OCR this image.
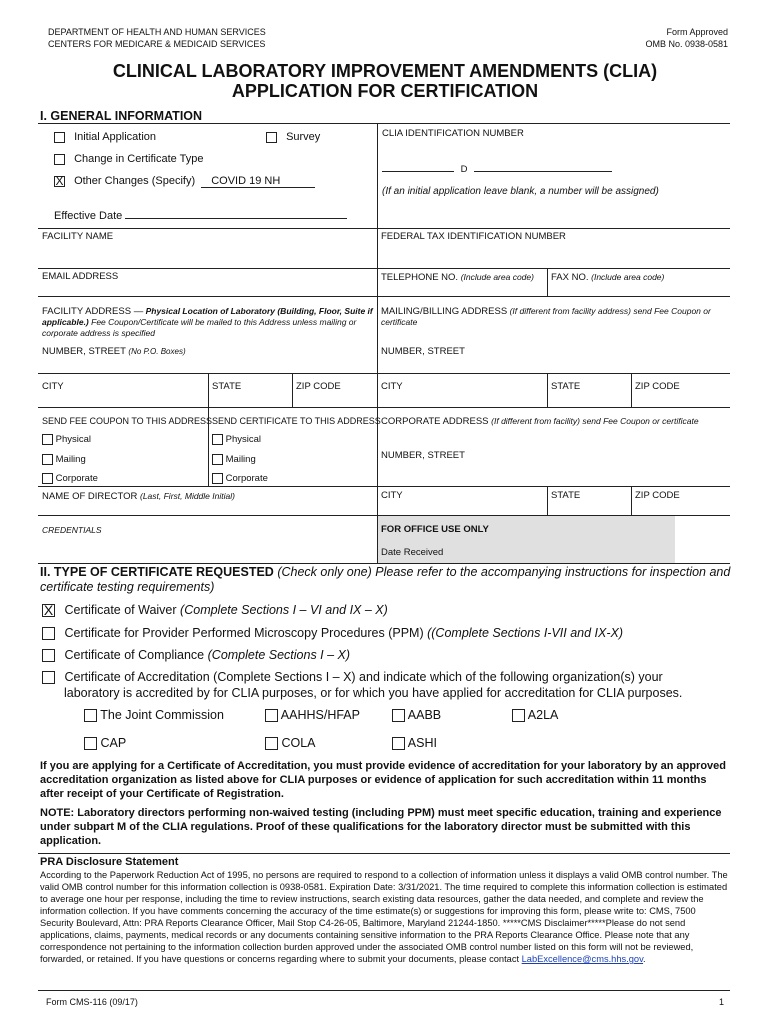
DEPARTMENT OF HEALTH AND HUMAN SERVICES
CENTERS FOR MEDICARE & MEDICAID SERVICES
Form Approved
OMB No. 0938-0581
CLINICAL LABORATORY IMPROVEMENT AMENDMENTS (CLIA)
APPLICATION FOR CERTIFICATION
I. GENERAL INFORMATION
Initial Application	Survey
Change in Certificate Type
X Other Changes (Specify) COVID 19 NH
Effective Date
CLIA IDENTIFICATION NUMBER
D
(If an initial application leave blank, a number will be assigned)
FACILITY NAME	FEDERAL TAX IDENTIFICATION NUMBER
EMAIL ADDRESS	TELEPHONE NO. (Include area code) FAX NO. (Include area code)
FACILITY ADDRESS — Physical Location of Laboratory (Building, Floor, Suite if applicable.) Fee Coupon/Certificate will be mailed to this Address unless mailing or corporate address is specified
NUMBER, STREET (No P.O. Boxes)
MAILING/BILLING ADDRESS (If different from facility address) send Fee Coupon or certificate
NUMBER, STREET
CITY	STATE	ZIP CODE	CITY	STATE	ZIP CODE
SEND FEE COUPON TO THIS ADDRESS SEND CERTIFICATE TO THIS ADDRESS CORPORATE ADDRESS (If different from facility) send Fee Coupon or certificate
NUMBER, STREET
Physical
Mailing
Corporate
Physical
Mailing
Corporate
NAME OF DIRECTOR (Last, First, Middle Initial)	CITY	STATE	ZIP CODE
CREDENTIALS	FOR OFFICE USE ONLY
Date Received
II. TYPE OF CERTIFICATE REQUESTED (Check only one) Please refer to the accompanying instructions for inspection and certificate testing requirements)
X Certificate of Waiver (Complete Sections I – VI and IX – X)
Certificate for Provider Performed Microscopy Procedures (PPM) ((Complete Sections I-VII and IX-X)
Certificate of Compliance (Complete Sections I – X)
Certificate of Accreditation (Complete Sections I – X) and indicate which of the following organization(s) your
laboratory is accredited by for CLIA purposes, or for which you have applied for accreditation for CLIA purposes.
The Joint Commission	AAHHS/HFAP	AABB	A2LA
CAP	COLA	ASHI
If you are applying for a Certificate of Accreditation, you must provide evidence of accreditation for your laboratory by an approved accreditation organization as listed above for CLIA purposes or evidence of application for such accreditation within 11 months after receipt of your Certificate of Registration.
NOTE: Laboratory directors performing non-waived testing (including PPM) must meet specific education, training and experience under subpart M of the CLIA regulations. Proof of these qualifications for the laboratory director must be submitted with this application.
PRA Disclosure Statement
According to the Paperwork Reduction Act of 1995, no persons are required to respond to a collection of information unless it displays a valid OMB control number. The valid OMB control number for this information collection is 0938-0581. Expiration Date: 3/31/2021. The time required to complete this information collection is estimated to average one hour per response, including the time to review instructions, search existing data resources, gather the data needed, and complete and review the information collection. If you have comments concerning the accuracy of the time estimate(s) or suggestions for improving this form, please write to: CMS, 7500 Security Boulevard, Attn: PRA Reports Clearance Officer, Mail Stop C4-26-05, Baltimore, Maryland 21244-1850. *****CMS Disclaimer*****Please do not send applications, claims, payments, medical records or any documents containing sensitive information to the PRA Reports Clearance Office. Please note that any correspondence not pertaining to the information collection burden approved under the associated OMB control number listed on this form will not be reviewed, forwarded, or retained. If you have questions or concerns regarding where to submit your documents, please contact LabExcellence@cms.hhs.gov.
Form CMS-116 (09/17)	1
